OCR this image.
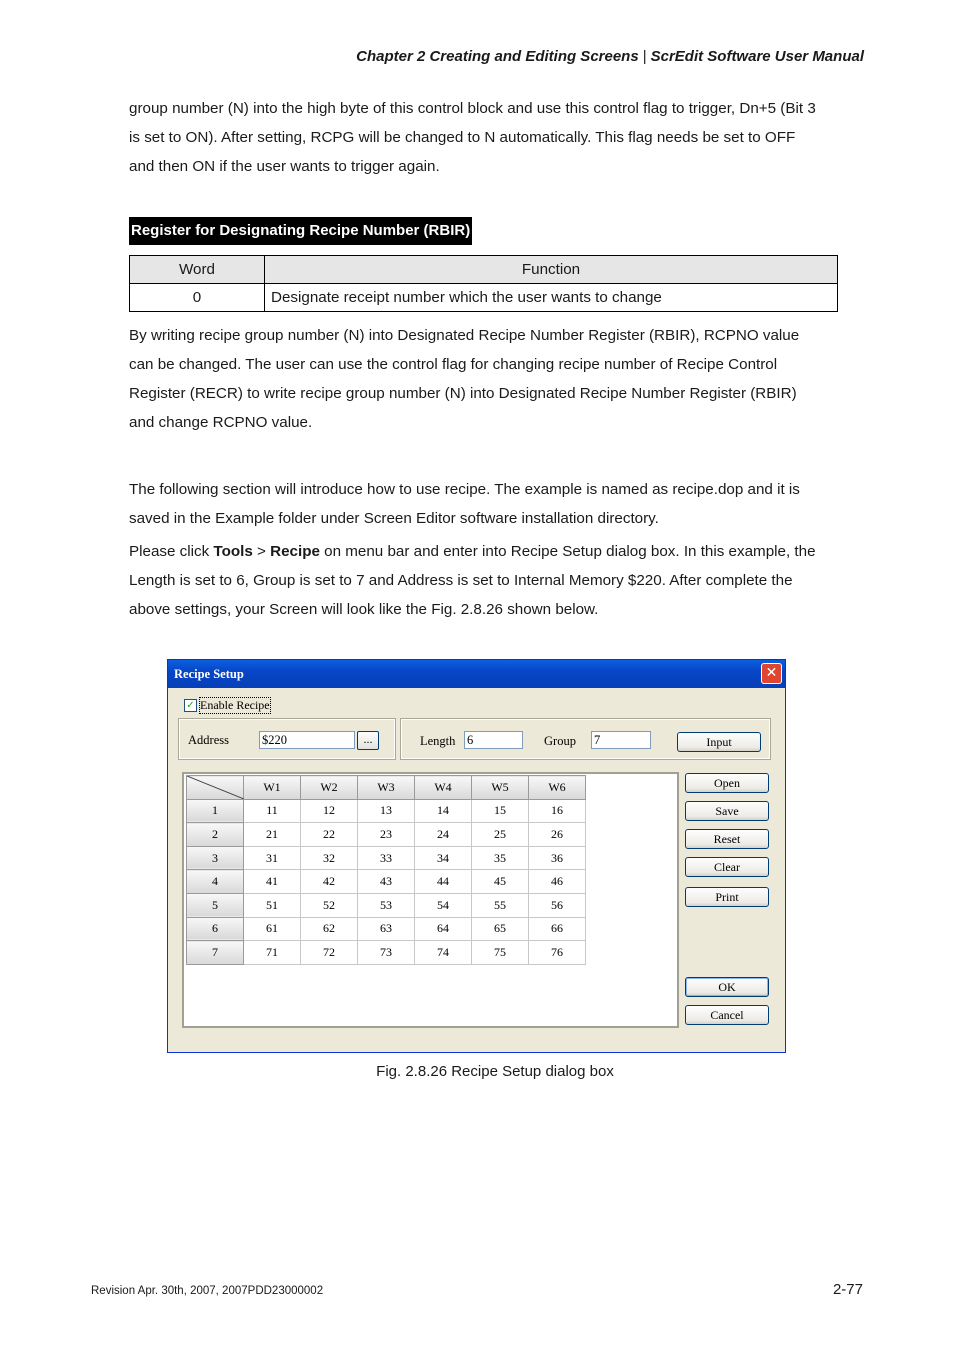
Chapter 2 Creating and Editing Screens | ScrEdit Software User Manual

group number (N) into the high byte of this control block and use this control flag to trigger, Dn+5 (Bit 3
is set to ON). After setting, RCPG will be changed to N automatically. This flag needs be set to OFF
and then ON if the user wants to trigger again.

Register for Designating Recipe Number (RBIR)
Word	Function
0	Designate receipt number which the user wants to change

By writing recipe group number (N) into Designated Recipe Number Register (RBIR), RCPNO value
can be changed. The user can use the control flag for changing recipe number of Recipe Control
Register (RECR) to write recipe group number (N) into Designated Recipe Number Register (RBIR)
and change RCPNO value.

The following section will introduce how to use recipe. The example is named as recipe.dop and it is
saved in the Example folder under Screen Editor software installation directory.

Please click Tools > Recipe on menu bar and enter into Recipe Setup dialog box. In this example, the
Length is set to 6, Group is set to 7 and Address is set to Internal Memory $220. After complete the
above settings, your Screen will look like the Fig. 2.8.26 shown below.

Recipe Setup	✕
✓ Enable Recipe
Address	$220	...	Length 6	Group 7	Input
	W1	W2	W3	W4	W5	W6
1	11	12	13	14	15	16
2	21	22	23	24	25	26
3	31	32	33	34	35	36
4	41	42	43	44	45	46
5	51	52	53	54	55	56
6	61	62	63	64	65	66
7	71	72	73	74	75	76
Open
Save
Reset
Clear
Print
OK
Cancel
Fig. 2.8.26 Recipe Setup dialog box
Revision Apr. 30th, 2007, 2007PDD23000002	2-77
